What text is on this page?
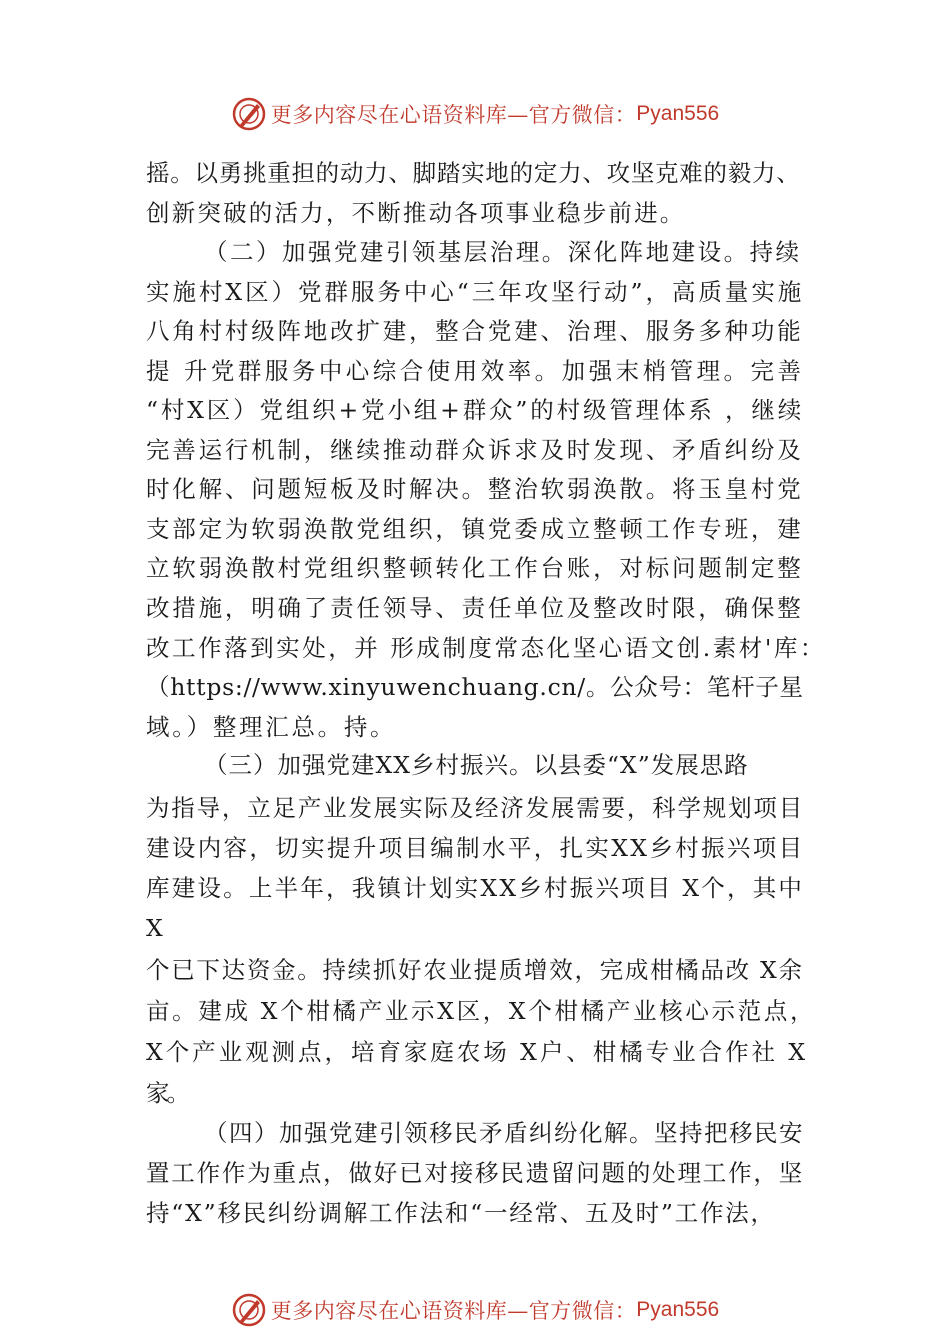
更多内容尽在心语资料库—官方微信： Pyan556
摇。以勇挑重担的动力、脚踏实地的定力、攻坚克难的毅力、
创新突破的活力，不断推动各项事业稳步前进。
（二）加强党建引领基层治理。深化阵地建设。持续
实施村Ⅹ区）党群服务中心“三年攻坚行动”，高质量实施
八角村村级阵地改扩建，整合党建、治理、服务多种功能
提 升党群服务中心综合使用效率。加强末梢管理。完善
“村Ⅹ区）党组织+党小组+群众”的村级管理体系 ，继续
完善运行机制，继续推动群众诉求及时发现、矛盾纠纷及
时化解、问题短板及时解决。整治软弱涣散。将玉皇村党
支部定为软弱涣散党组织，镇党委成立整顿工作专班，建
立软弱涣散村党组织整顿转化工作台账，对标问题制定整
改措施，明确了责任领导、责任单位及整改时限，确保整
改工作落到实处，并 形成制度常态化坚心语文创.素材'库：
（https://www.xinyuwenchuang.cn/。公众号：笔杆子星
域。）整理汇总。持。
（三）加强党建XX乡村振兴。以县委“X”发展思路
为指导，立足产业发展实际及经济发展需要，科学规划项目
建设内容，切实提升项目编制水平，扎实XX乡村振兴项目
库建设。上半年，我镇计划实XX乡村振兴项目 X个，其中
X
个已下达资金。持续抓好农业提质增效，完成柑橘品改 X余
亩。建成 X个柑橘产业示Ⅹ区，X个柑橘产业核心示范点，
X个产业观测点，培育家庭农场 X户、柑橘专业合作社 X
家。
（四）加强党建引领移民矛盾纠纷化解。坚持把移民安
置工作作为重点，做好已对接移民遗留问题的处理工作，坚
持“X”移民纠纷调解工作法和“一经常、五及时”工作法，
更多内容尽在心语资料库—官方微信： Pyan556
